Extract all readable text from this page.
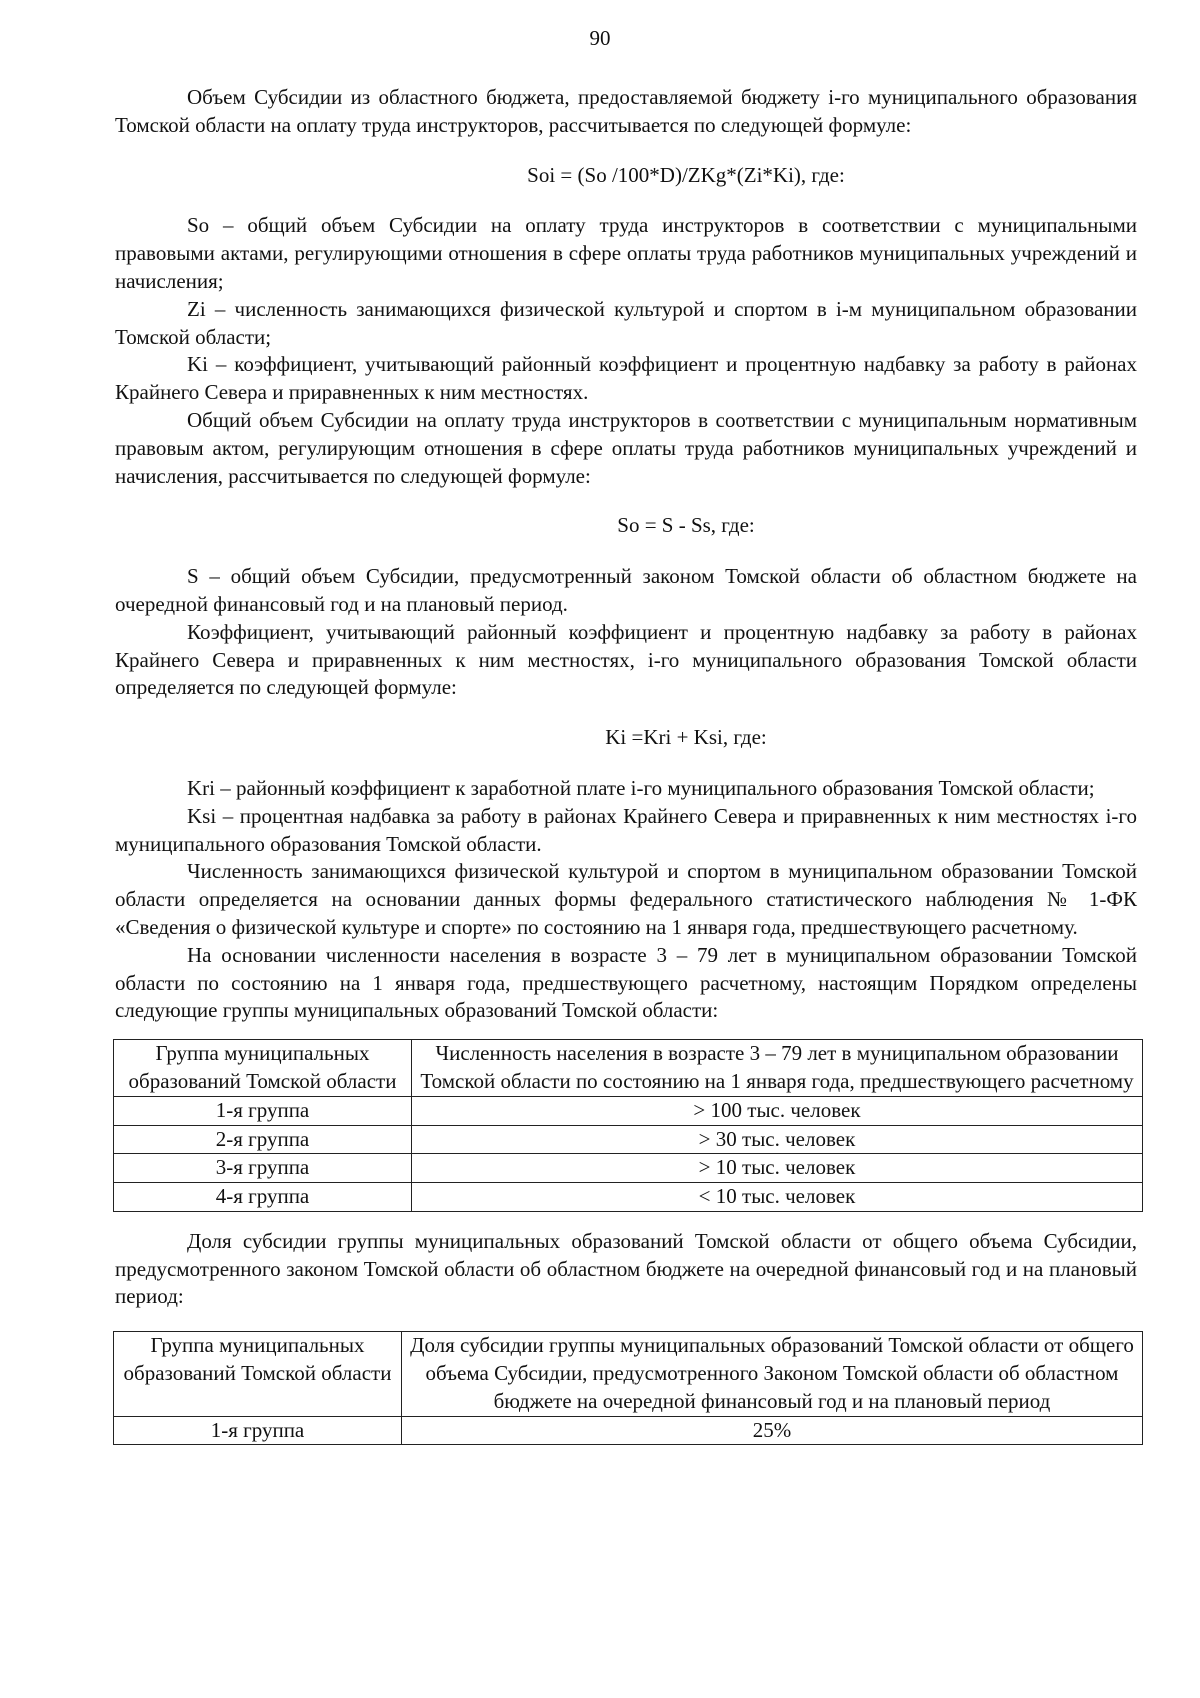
90

Объем Субсидии из областного бюджета, предоставляемой бюджету i-го муниципального образования Томской области на оплату труда инструкторов, рассчитывается по следующей формуле:

Soi = (So /100*D)/ZKg*(Zi*Ki), где:

So – общий объем Субсидии на оплату труда инструкторов в соответствии с муниципальными правовыми актами, регулирующими отношения в сфере оплаты труда работников муниципальных учреждений и начисления;

Zi – численность занимающихся физической культурой и спортом в i-м муниципальном образовании Томской области;

Ki – коэффициент, учитывающий районный коэффициент и процентную надбавку за работу в районах Крайнего Севера и приравненных к ним местностях.

Общий объем Субсидии на оплату труда инструкторов в соответствии с муниципальным нормативным правовым актом, регулирующим отношения в сфере оплаты труда работников муниципальных учреждений и начисления, рассчитывается по следующей формуле:

So = S - Ss, где:

S – общий объем Субсидии, предусмотренный законом Томской области об областном бюджете на очередной финансовый год и на плановый период.

Коэффициент, учитывающий районный коэффициент и процентную надбавку за работу в районах Крайнего Севера и приравненных к ним местностях, i-го муниципального образования Томской области определяется по следующей формуле:

Ki =Kri + Ksi, где:

Kri – районный коэффициент к заработной плате i-го муниципального образования Томской области;

Ksi – процентная надбавка за работу в районах Крайнего Севера и приравненных к ним местностях i-го муниципального образования Томской области.

Численность занимающихся физической культурой и спортом в муниципальном образовании Томской области определяется на основании данных формы федерального статистического наблюдения № 1-ФК «Сведения о физической культуре и спорте» по состоянию на 1 января года, предшествующего расчетному.

На основании численности населения в возрасте 3 – 79 лет в муниципальном образовании Томской области по состоянию на 1 января года, предшествующего расчетному, настоящим Порядком определены следующие группы муниципальных образований Томской области:

Группа муниципальных образований Томской области	Численность населения в возрасте 3 – 79 лет в муниципальном образовании Томской области по состоянию на 1 января года, предшествующего расчетному
1-я группа	> 100 тыс. человек
2-я группа	> 30 тыс. человек
3-я группа	> 10 тыс. человек
4-я группа	< 10 тыс. человек

Доля субсидии группы муниципальных образований Томской области от общего объема Субсидии, предусмотренного законом Томской области об областном бюджете на очередной финансовый год и на плановый период:

Группа муниципальных образований Томской области	Доля субсидии группы муниципальных образований Томской области от общего объема Субсидии, предусмотренного Законом Томской области об областном бюджете на очередной финансовый год и на плановый период
1-я группа	25%
